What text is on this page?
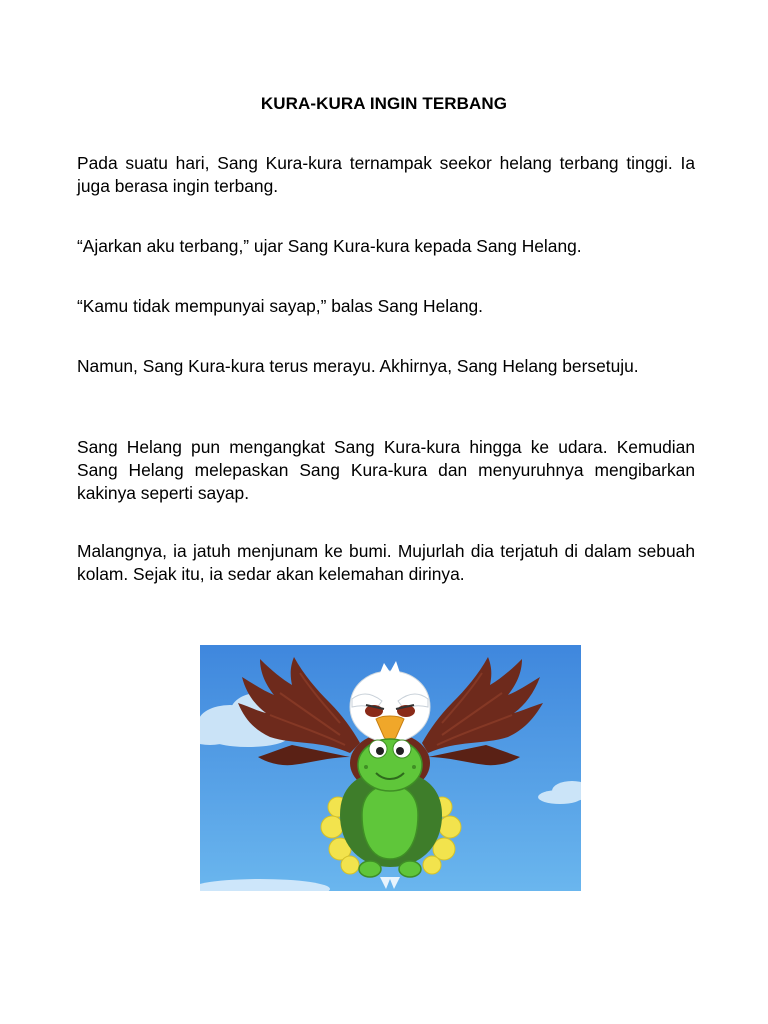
KURA-KURA INGIN TERBANG

Pada suatu hari, Sang Kura-kura ternampak seekor helang terbang tinggi. Ia juga berasa ingin terbang.

“Ajarkan aku terbang,” ujar Sang Kura-kura kepada Sang Helang.

“Kamu tidak mempunyai sayap,” balas Sang Helang.

Namun, Sang Kura-kura terus merayu. Akhirnya, Sang Helang bersetuju.

Sang Helang pun mengangkat Sang Kura-kura hingga ke udara. Kemudian Sang Helang melepaskan Sang Kura-kura dan menyuruhnya mengibarkan kakinya seperti sayap.

Malangnya, ia jatuh menjunam ke bumi. Mujurlah dia terjatuh di dalam sebuah kolam. Sejak itu, ia sedar akan kelemahan dirinya.
